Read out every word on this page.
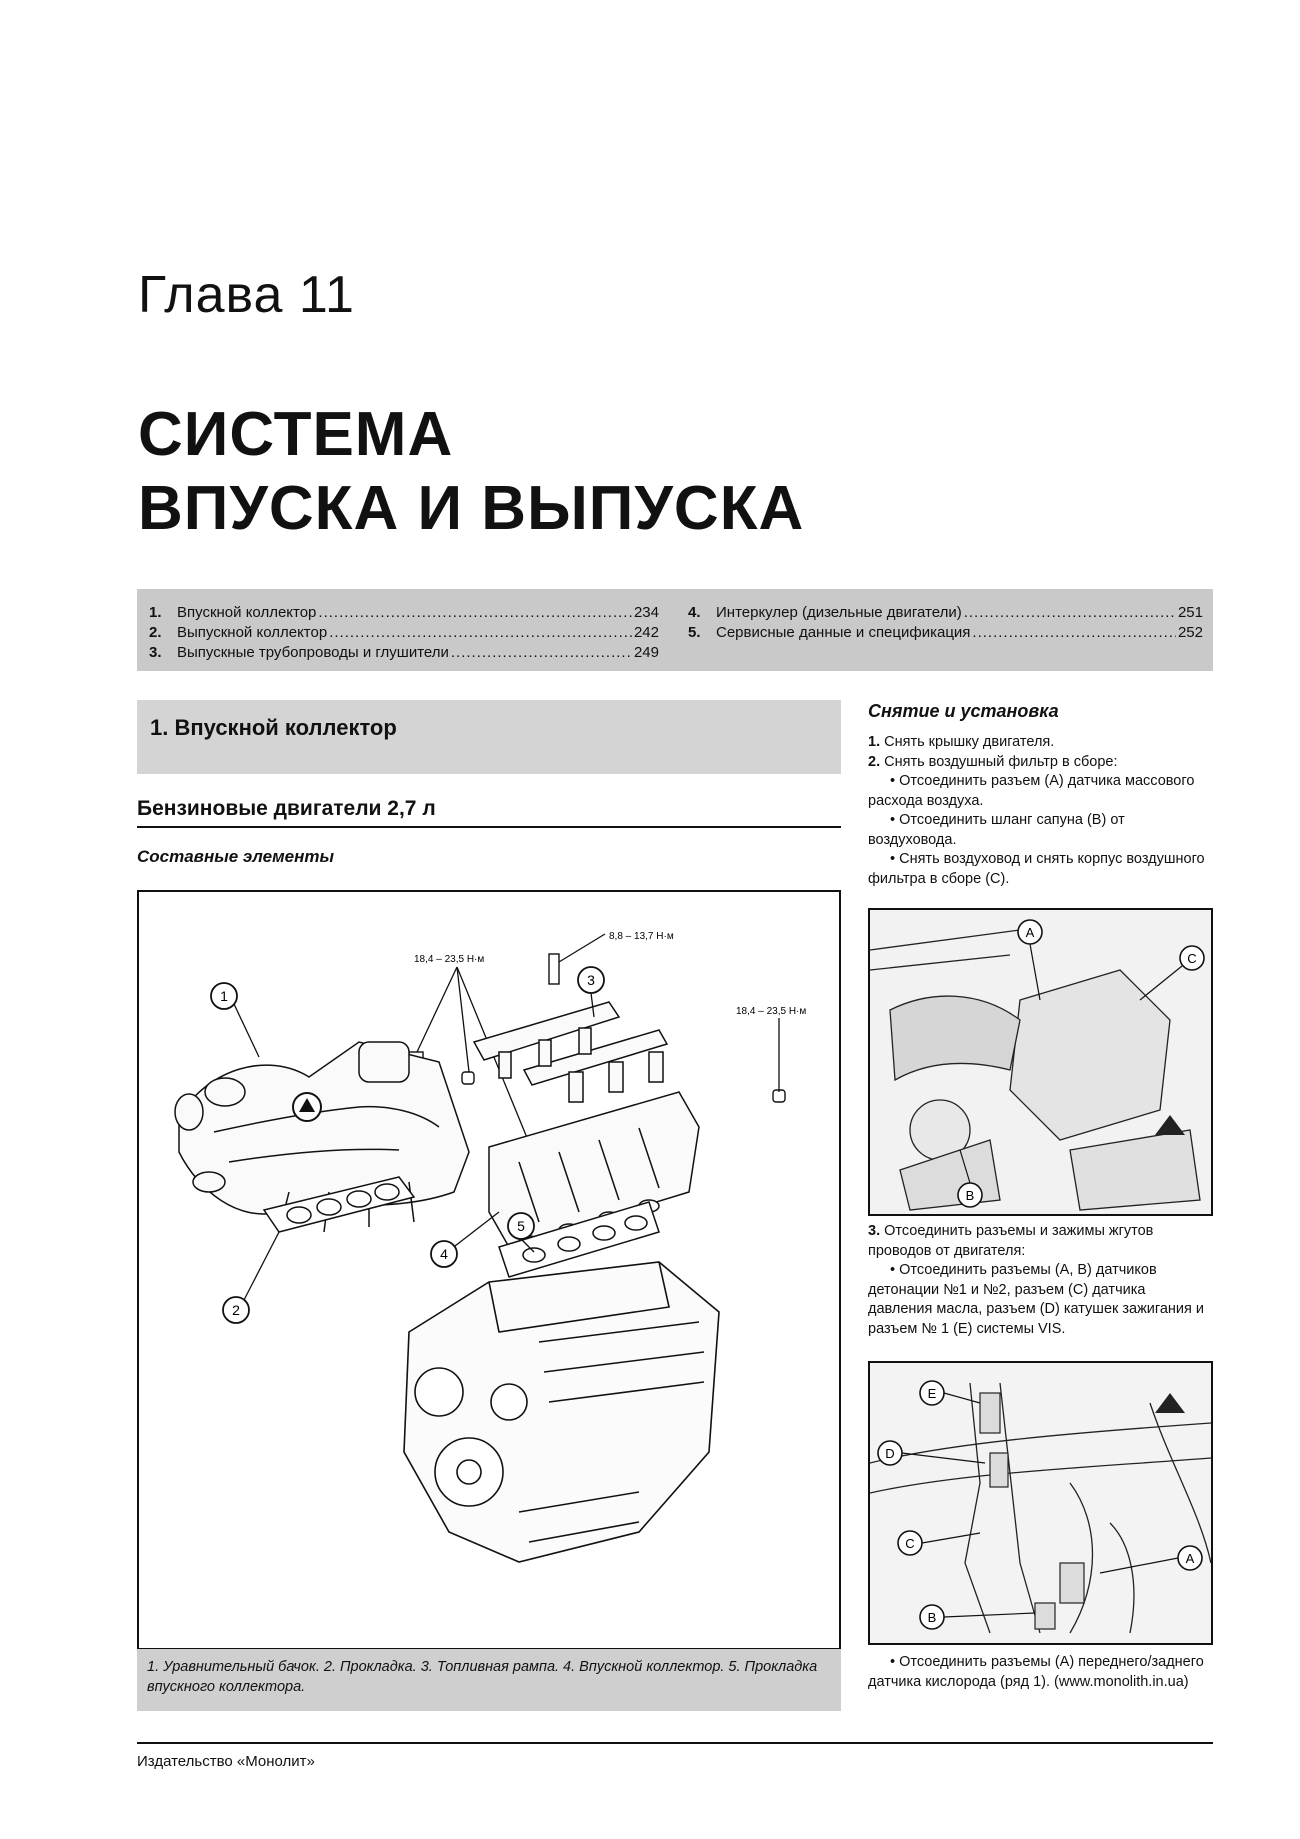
Глава 11
СИСТЕМА
ВПУСКА И ВЫПУСКА
1.	Впускной коллектор .....	234
2.	Выпускной коллектор .....	242
3.	Выпускные трубопроводы и глушители .....	249
4.	Интеркулер (дизельные двигатели) .....	251
5.	Сервисные данные и спецификация .....	252
1. Впускной коллектор
Бензиновые двигатели 2,7 л
Составные элементы
18,4 – 23,5 Н·м
8,8 – 13,7 Н·м
18,4 – 23,5 Н·м
1
2
3
4
5
1. Уравнительный бачок. 2. Прокладка. 3. Топливная рампа. 4. Впускной коллектор. 5. Прокладка впускного коллектора.
Снятие и установка
1. Снять крышку двигателя.
2. Снять воздушный фильтр в сборе:
• Отсоединить разъем (А) датчика массового расхода воздуха.
• Отсоединить шланг сапуна (В) от воздуховода.
• Снять воздуховод и снять корпус воздушного фильтра в сборе (С).
A
C
B
3. Отсоединить разъемы и зажимы жгутов проводов от двигателя:
• Отсоединить разъемы (А, В) датчиков детонации №1 и №2, разъем (С) датчика давления масла, разъем (D) катушек зажигания и разъем № 1 (Е) системы VIS.
E
D
C
A
B
• Отсоединить разъемы (А) переднего/заднего датчика кислорода (ряд 1). (www.monolith.in.ua)
Издательство «Монолит»
